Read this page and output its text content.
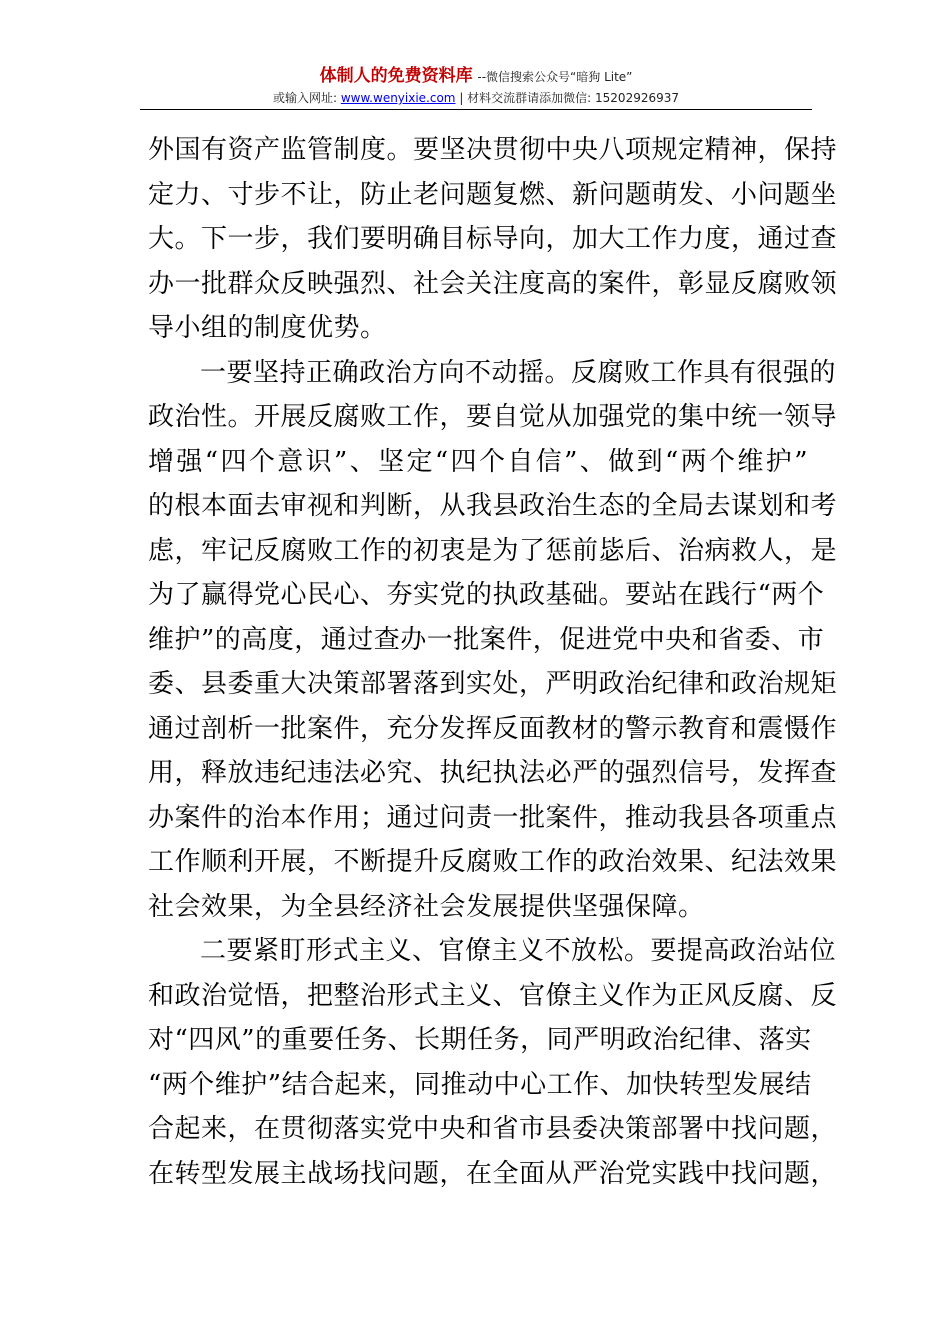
体制人的免费资料库 --微信搜索公众号“暗狗 Lite”
或输入网址: www.wenyixie.com | 材料交流群请添加微信: 15202926937
外国有资产监管制度。要坚决贯彻中央八项规定精神，保持
定力、寸步不让，防止老问题复燃、新问题萌发、小问题坐
大。下一步，我们要明确目标导向，加大工作力度，通过查
办一批群众反映强烈、社会关注度高的案件，彰显反腐败领
导小组的制度优势。
一要坚持正确政治方向不动摇。反腐败工作具有很强的
政治性。开展反腐败工作，要自觉从加强党的集中统一领导
增强“四个意识”、坚定“四个自信”、做到“两个维护”
的根本面去审视和判断，从我县政治生态的全局去谋划和考
虑，牢记反腐败工作的初衷是为了惩前毖后、治病救人，是
为了赢得党心民心、夯实党的执政基础。要站在践行“两个
维护”的高度，通过查办一批案件，促进党中央和省委、市
委、县委重大决策部署落到实处，严明政治纪律和政治规矩
通过剖析一批案件，充分发挥反面教材的警示教育和震慑作
用，释放违纪违法必究、执纪执法必严的强烈信号，发挥查
办案件的治本作用；通过问责一批案件，推动我县各项重点
工作顺利开展，不断提升反腐败工作的政治效果、纪法效果
社会效果，为全县经济社会发展提供坚强保障。
二要紧盯形式主义、官僚主义不放松。要提高政治站位
和政治觉悟，把整治形式主义、官僚主义作为正风反腐、反
对“四风”的重要任务、长期任务，同严明政治纪律、落实
“两个维护”结合起来，同推动中心工作、加快转型发展结
合起来，在贯彻落实党中央和省市县委决策部署中找问题，
在转型发展主战场找问题，在全面从严治党实践中找问题，
